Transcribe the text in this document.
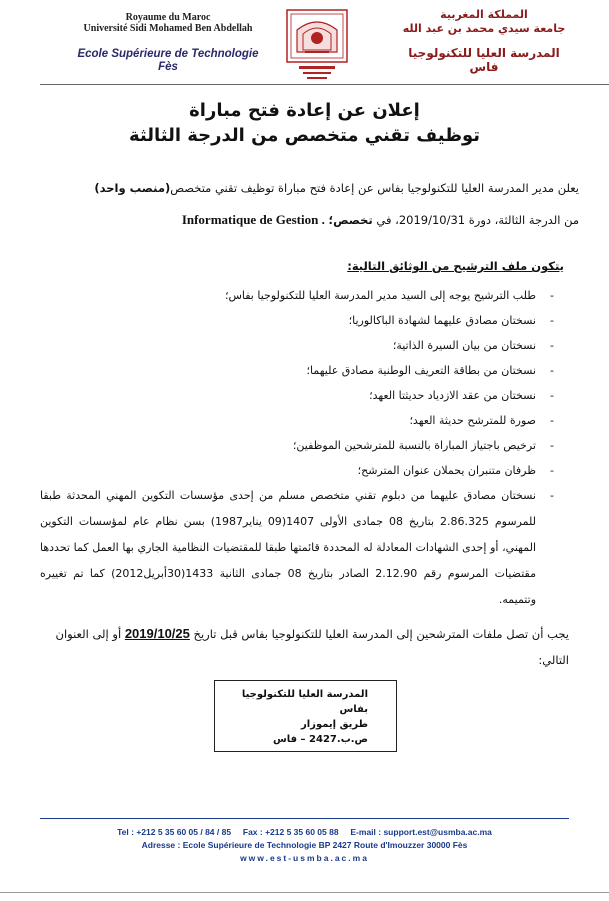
Royaume du Maroc
Université Sidi Mohamed Ben Abdellah
Ecole Supérieure de Technologie
Fès
المملكة المغربية
جامعة سيدي محمد بن عبد الله
المدرسة العليا للتكنولوجيا
فاس
إعلان عن إعادة فتح مباراة
توظيف تقني متخصص من الدرجة الثالثة
يعلن مدير المدرسة العليا للتكنولوجيا بفاس عن إعادة فتح مباراة توظيف تقني متخصص(منصب واحد)
من الدرجة الثالثة، دورة 2019/10/31، في تخصص؛ Informatique de Gestion .
يتكون ملف الترشيح من الوثائق التالية:
- طلب الترشيح يوجه إلى السيد مدير المدرسة العليا للتكنولوجيا بفاس؛
- نسختان مصادق عليهما لشهادة الباكالوريا؛
- نسختان من بيان السيرة الذاتية؛
- نسختان من بطاقة التعريف الوطنية مصادق عليهما؛
- نسختان من عقد الازدياد حديثتا العهد؛
- صورة للمترشح حديثة العهد؛
- ترخيص باجتياز المباراة بالنسبة للمترشحين الموظفين؛
- ظرفان متنبران يحملان عنوان المترشح؛
- نسختان مصادق عليهما من دبلوم تقني متخصص مسلم من إحدى مؤسسات التكوين المهني المحدثة طبقا للمرسوم 2.86.325 بتاريخ 08 جمادى الأولى 1407(09 يناير1987) بسن نظام عام لمؤسسات التكوين المهني، أو إحدى الشهادات المعادلة له المحددة قائمتها طبقا للمقتضيات النظامية الجاري بها العمل كما تحددها مقتضيات المرسوم رقم 2.12.90 الصادر بتاريخ 08 جمادى الثانية 1433(30أبريل2012) كما تم تغييره وتتميمه.
يجب أن تصل ملفات المترشحين إلى المدرسة العليا للتكنولوجيا بفاس قبل تاريخ 2019/10/25 أو إلى العنوان التالي:
المدرسة العليا للتكنولوجيا بفاس
طريق إيموزار
ص.ب.2427 – فاس
Tel : +212 5 35 60 05 / 84 / 85     Fax : +212 5 35 60 05 88     E-mail : support.est@usmba.ac.ma
Adresse : Ecole Supérieure de Technologie BP 2427 Route d'Imouzzer 30000 Fès
www.est-usmba.ac.ma
